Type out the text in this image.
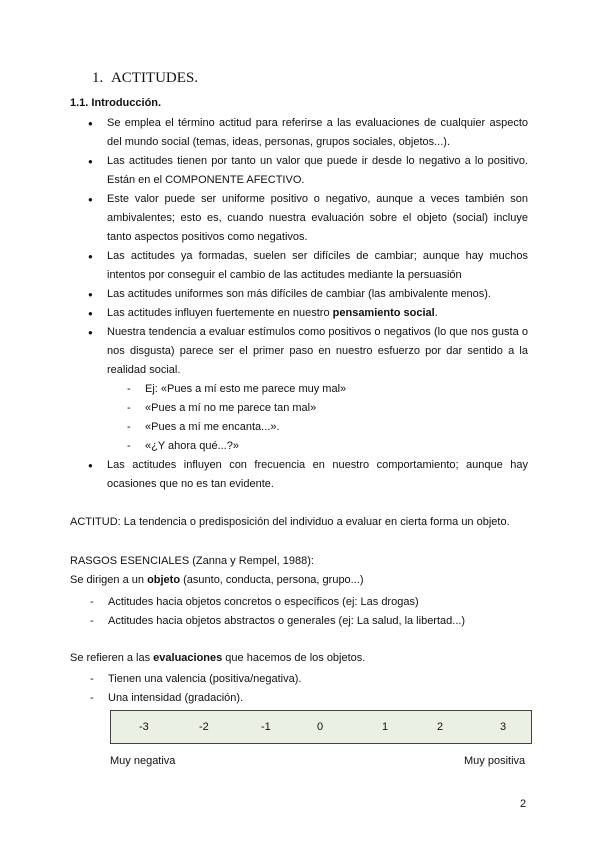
1. ACTITUDES.
1.1. Introducción.
● Se emplea el término actitud para referirse a las evaluaciones de cualquier aspecto del mundo social (temas, ideas, personas, grupos sociales, objetos...).
● Las actitudes tienen por tanto un valor que puede ir desde lo negativo a lo positivo. Están en el COMPONENTE AFECTIVO.
● Este valor puede ser uniforme positivo o negativo, aunque a veces también son ambivalentes; esto es, cuando nuestra evaluación sobre el objeto (social) incluye tanto aspectos positivos como negativos.
● Las actitudes ya formadas, suelen ser difíciles de cambiar; aunque hay muchos intentos por conseguir el cambio de las actitudes mediante la persuasión
● Las actitudes uniformes son más difíciles de cambiar (las ambivalente menos).
● Las actitudes influyen fuertemente en nuestro pensamiento social.
● Nuestra tendencia a evaluar estímulos como positivos o negativos (lo que nos gusta o nos disgusta) parece ser el primer paso en nuestro esfuerzo por dar sentido a la realidad social.
- Ej: «Pues a mí esto me parece muy mal»
- «Pues a mí no me parece tan mal»
- «Pues a mí me encanta...».
- «¿Y ahora qué...?»
● Las actitudes influyen con frecuencia en nuestro comportamiento; aunque hay ocasiones que no es tan evidente.
ACTITUD: La tendencia o predisposición del individuo a evaluar en cierta forma un objeto.
RASGOS ESENCIALES (Zanna y Rempel, 1988):
Se dirigen a un objeto (asunto, conducta, persona, grupo...)
- Actitudes hacia objetos concretos o específicos (ej: Las drogas)
- Actitudes hacia objetos abstractos o generales (ej: La salud, la libertad...)
Se refieren a las evaluaciones que hacemos de los objetos.
- Tienen una valencia (positiva/negativa).
- Una intensidad (gradación).
-3	-2	-1	0	1	2	3
Muy negativa	Muy positiva
2
